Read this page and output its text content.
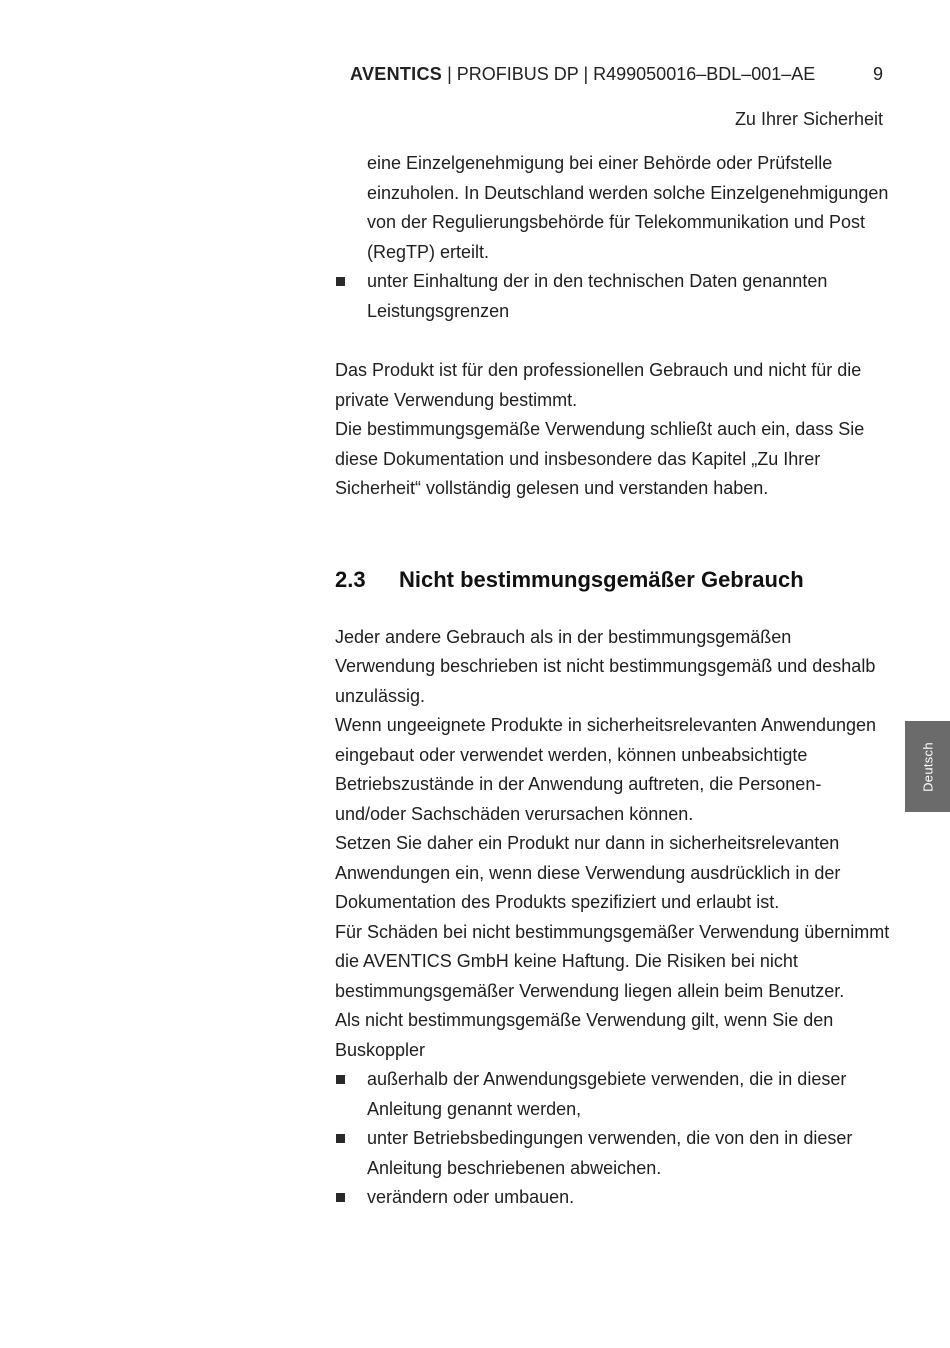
AVENTICS | PROFIBUS DP | R499050016–BDL–001–AE	9
Zu Ihrer Sicherheit

eine Einzelgenehmigung bei einer Behörde oder Prüfstelle einzuholen. In Deutschland werden solche Einzelgenehmigungen von der Regulierungsbehörde für Telekommunikation und Post (RegTP) erteilt.

unter Einhaltung der in den technischen Daten genannten Leistungsgrenzen

Das Produkt ist für den professionellen Gebrauch und nicht für die private Verwendung bestimmt.

Die bestimmungsgemäße Verwendung schließt auch ein, dass Sie diese Dokumentation und insbesondere das Kapitel „Zu Ihrer Sicherheit“ vollständig gelesen und verstanden haben.

2.3	Nicht bestimmungsgemäßer Gebrauch

Jeder andere Gebrauch als in der bestimmungsgemäßen Verwendung beschrieben ist nicht bestimmungsgemäß und deshalb unzulässig.

Wenn ungeeignete Produkte in sicherheitsrelevanten Anwendungen eingebaut oder verwendet werden, können unbeabsichtigte Betriebszustände in der Anwendung auftreten, die Personen- und/oder Sachschäden verursachen können.

Setzen Sie daher ein Produkt nur dann in sicherheitsrelevanten Anwendungen ein, wenn diese Verwendung ausdrücklich in der Dokumentation des Produkts spezifiziert und erlaubt ist.

Für Schäden bei nicht bestimmungsgemäßer Verwendung übernimmt die AVENTICS GmbH keine Haftung. Die Risiken bei nicht bestimmungsgemäßer Verwendung liegen allein beim Benutzer.

Als nicht bestimmungsgemäße Verwendung gilt, wenn Sie den Buskoppler

außerhalb der Anwendungsgebiete verwenden, die in dieser Anleitung genannt werden,
unter Betriebsbedingungen verwenden, die von den in dieser Anleitung beschriebenen abweichen.
verändern oder umbauen.
Deutsch
